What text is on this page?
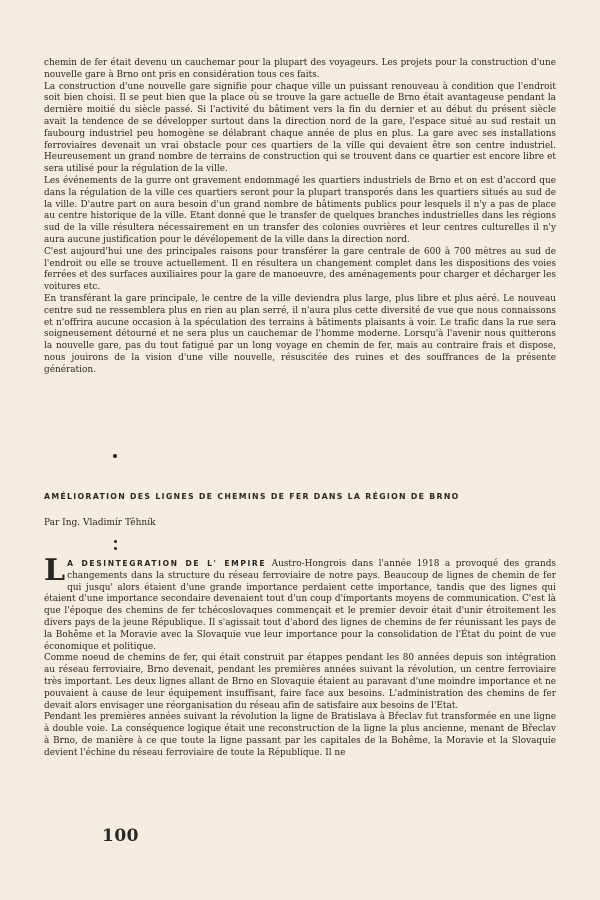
chemin de fer était devenu un cauchemar pour la plupart des voyageurs. Les projets pour la construction d'une nouvelle gare à Brno ont pris en considération tous ces faits.

La construction d'une nouvelle gare signifie pour chaque ville un puissant renouveau à condition que l'endroit soit bien choisi. Il se peut bien que la place où se trouve la gare actuelle de Brno était avantageuse pendant la dernière moitié du siècle passé. Si l'activité du bâtiment vers la fin du dernier et au début du présent siècle avait la tendence de se développer surtout dans la direction nord de la gare, l'espace situé au sud restait un faubourg industriel peu homogène se délabrant chaque année de plus en plus. La gare avec ses installations ferroviaires devenait un vrai obstacle pour ces quartiers de la ville qui devaient être son centre industriel. Heureusement un grand nombre de terrains de construction qui se trouvent dans ce quartier est encore libre et sera utilisé pour la régulation de la ville.

Les événements de la gurre ont gravement endommagé les quartiers industriels de Brno et on est d'accord que dans la régulation de la ville ces quartiers seront pour la plupart transporés dans les quartiers situés au sud de la ville. D'autre part on aura besoin d'un grand nombre de bâtiments publics pour lesquels il n'y a pas de place au centre historique de la ville. Etant donné que le transfer de quelques branches industrielles dans les régions sud de la ville résultera nécessairement en un transfer des colonies ouvrières et leur centres culturelles il n'y aura aucune justification pour le dévélopement de la ville dans la direction nord.

C'est aujourd'hui une des principales raisons pour transférer la gare centrale de 600 à 700 mètres au sud de l'endroit ou elle se trouve actuellement. Il en résultera un changement complet dans les dispositions des voies ferrées et des surfaces auxiliaires pour la gare de manoeuvre, des aménagements pour charger et décharger les voitures etc.

En transférant la gare principale, le centre de la ville deviendra plus large, plus libre et plus aéré. Le nouveau centre sud ne ressemblera plus en rien au plan serré, il n'aura plus cette diversité de vue que nous connaissons et n'offrira aucune occasion à la spéculation des terrains à bâtiments plaisants à voir. Le trafic dans la rue sera soigneusement détourné et ne sera plus un cauchemar de l'homme moderne. Lorsqu'à l'avenir nous quitterons la nouvelle gare, pas du tout fatigué par un long voyage en chemin de fer, mais au contraire frais et dispose, nous jouirons de la vision d'une ville nouvelle, résuscitée des ruines et des souffrances de la présente génération.

AMÉLIORATION DES LIGNES DE CHEMINS DE FER DANS LA RÉGION DE BRNO

Par Ing. Vladimír Těhník

L A DESINTEGRATION DE L' EMPIRE Austro-Hongrois dans l'année 1918 a provoqué des grands changements dans la structure du réseau ferroviaire de notre pays. Beaucoup de lignes de chemin de fer qui jusqu' alors étaient d'une grande importance perdaient cette importance, tandis que des lignes qui étaient d'une importance secondaire devenaient tout d'un coup d'importants moyens de communication. C'est là que l'époque des chemins de fer tchécoslovaques commençait et le premier devoir était d'unir étroitement les divers pays de la jeune République. Il s'agissait tout d'abord des lignes de chemins de fer réunissant les pays de la Bohême et la Moravie avec la Slovaquie vue leur importance pour la consolidation de l'État du point de vue économique et politique.

Comme noeud de chemins de fer, qui était construit par étappes pendant les 80 années depuis son intégration au réseau ferroviaire, Brno devenait, pendant les premières années suivant la révolution, un centre ferroviaire très important. Les deux lignes allant de Brno en Slovaquie étaient au paravant d'une moindre importance et ne pouvaient à cause de leur équipement insuffisant, faire face aux besoins. L'administration des chemins de fer devait alors envisager une réorganisation du réseau afin de satisfaire aux besoins de l'Etat.

Pendant les premières années suivant la révolution la ligne de Bratislava à Břeclav fut transformée en une ligne à double voie. La conséquence logique était une reconstruction de la ligne la plus ancienne, menant de Břeclav à Brno, de manière à ce que toute la ligne passant par les capitales de la Bohême, la Moravie et la Slovaquie devient l'échine du réseau ferroviaire de toute la République. Il ne

100
